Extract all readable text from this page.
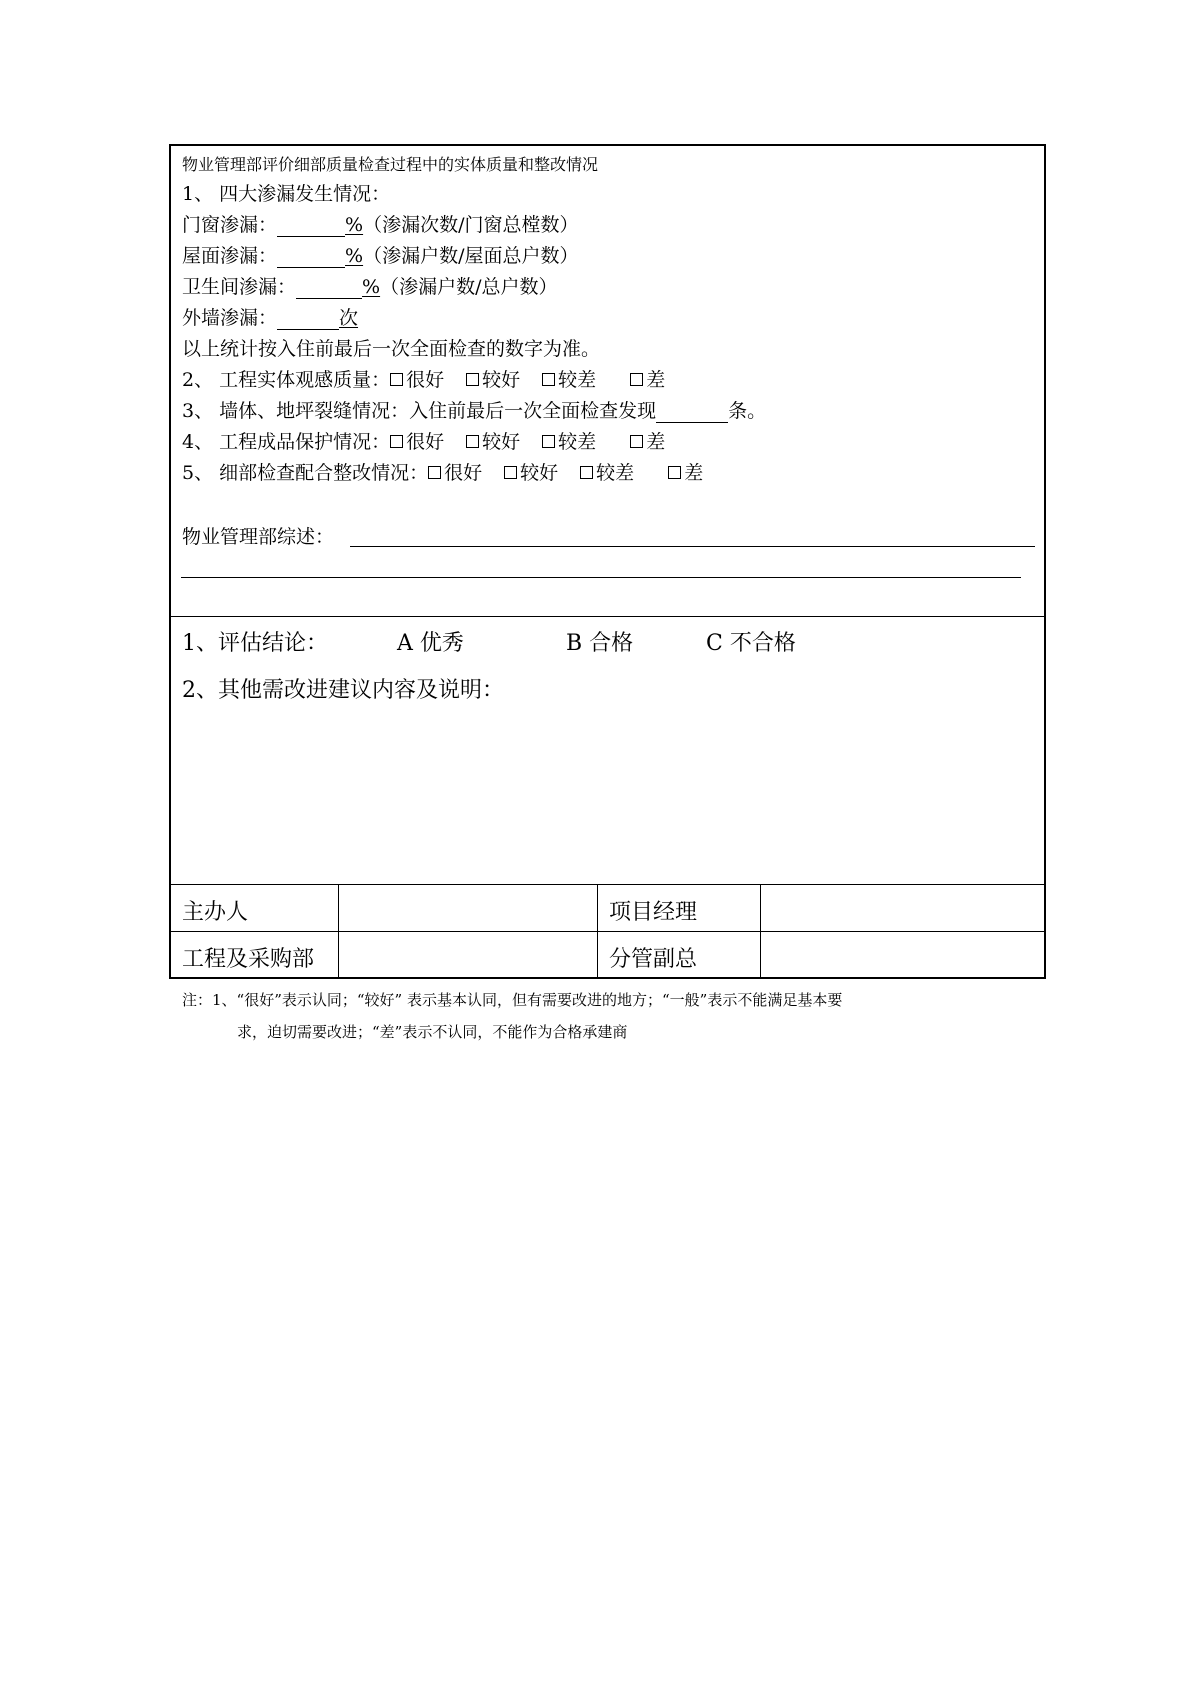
物业管理部评价细部质量检查过程中的实体质量和整改情况
1、 四大渗漏发生情况：
门窗渗漏：	%（渗漏次数/门窗总樘数）
屋面渗漏：	%（渗漏户数/屋面总户数）
卫生间渗漏：	%（渗漏户数/总户数）
外墙渗漏：	次
以上统计按入住前最后一次全面检查的数字为准。
2、 工程实体观感质量： 很好 较好 较差	差
3、 墙体、地坪裂缝情况：入住前最后一次全面检查发现	条。
4、 工程成品保护情况： 很好 较好 较差	差
5、 细部检查配合整改情况： 很好 较好 较差	差
物业管理部综述：
1、评估结论：	A 优秀	B 合格	C 不合格
2、其他需改进建议内容及说明：
主办人	项目经理
工程及采购部	分管副总
注：1、“很好”表示认同；“较好” 表示基本认同，但有需要改进的地方；“一般”表示不能满足基本要
求，迫切需要改进；“差”表示不认同，不能作为合格承建商
